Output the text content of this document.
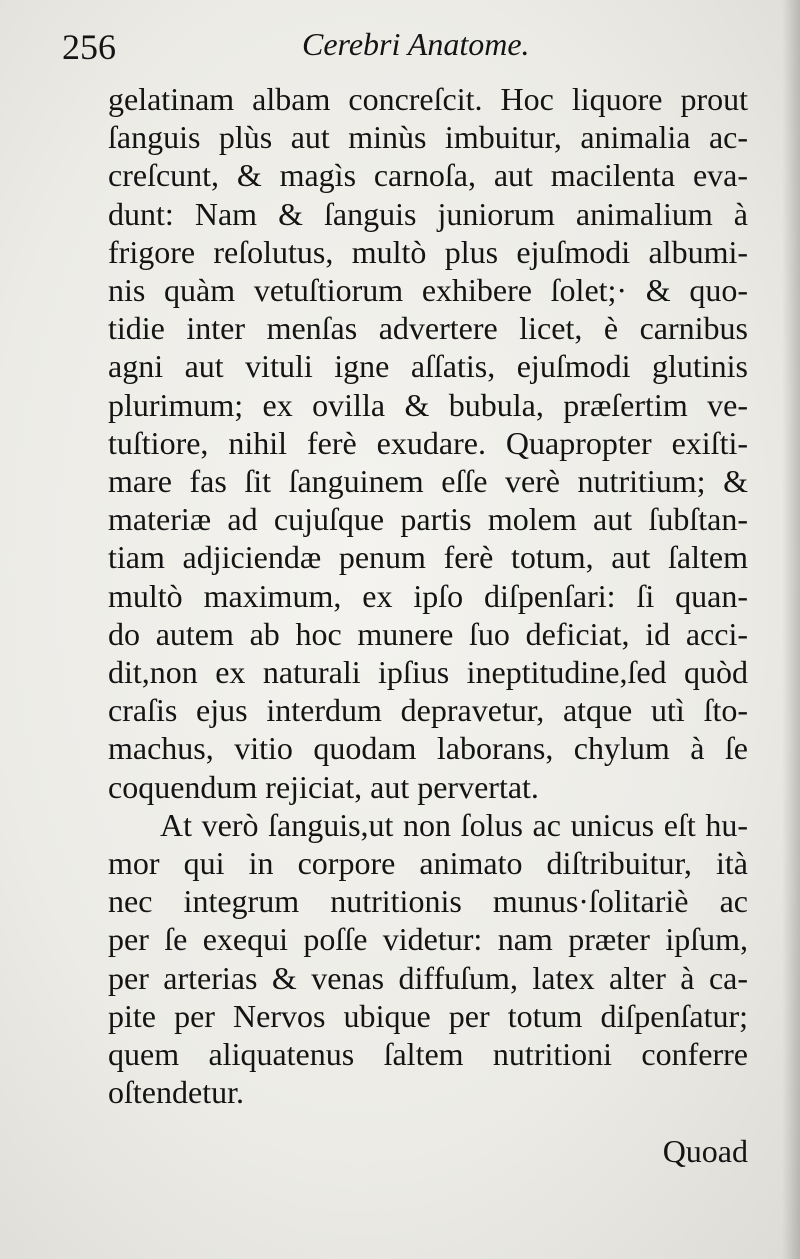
256	Cerebri Anatome.
gelatinam albam concreſcit. Hoc liquore prout
ſanguis plùs aut minùs imbuitur, animalia ac-
creſcunt, & magìs carnoſa, aut macilenta eva-
dunt: Nam & ſanguis juniorum animalium à
frigore reſolutus, multò plus ejuſmodi albumi-
nis quàm vetuſtiorum exhibere ſolet;· & quo-
tidie inter menſas advertere licet, è carnibus
agni aut vituli igne aſſatis, ejuſmodi glutinis
plurimum; ex ovilla & bubula, præſertim ve-
tuſtiore, nihil ferè exudare. Quapropter exiſti-
mare fas ſit ſanguinem eſſe verè nutritium; &
materiæ ad cujuſque partis molem aut ſubſtan-
tiam adjiciendæ penum ferè totum, aut ſaltem
multò maximum, ex ipſo diſpenſari: ſi quan-
do autem ab hoc munere ſuo deficiat, id acci-
dit,non ex naturali ipſius ineptitudine,ſed quòd
craſis ejus interdum depravetur, atque utì ſto-
machus, vitio quodam laborans, chylum à ſe
coquendum rejiciat, aut pervertat.
At verò ſanguis,ut non ſolus ac unicus eſt hu-
mor qui in corpore animato diſtribuitur, ità
nec integrum nutritionis munus·ſolitariè ac
per ſe exequi poſſe videtur: nam præter ipſum,
per arterias & venas diffuſum, latex alter à ca-
pite per Nervos ubique per totum diſpenſatur;
quem aliquatenus ſaltem nutritioni conferre
oſtendetur.
Quoad
